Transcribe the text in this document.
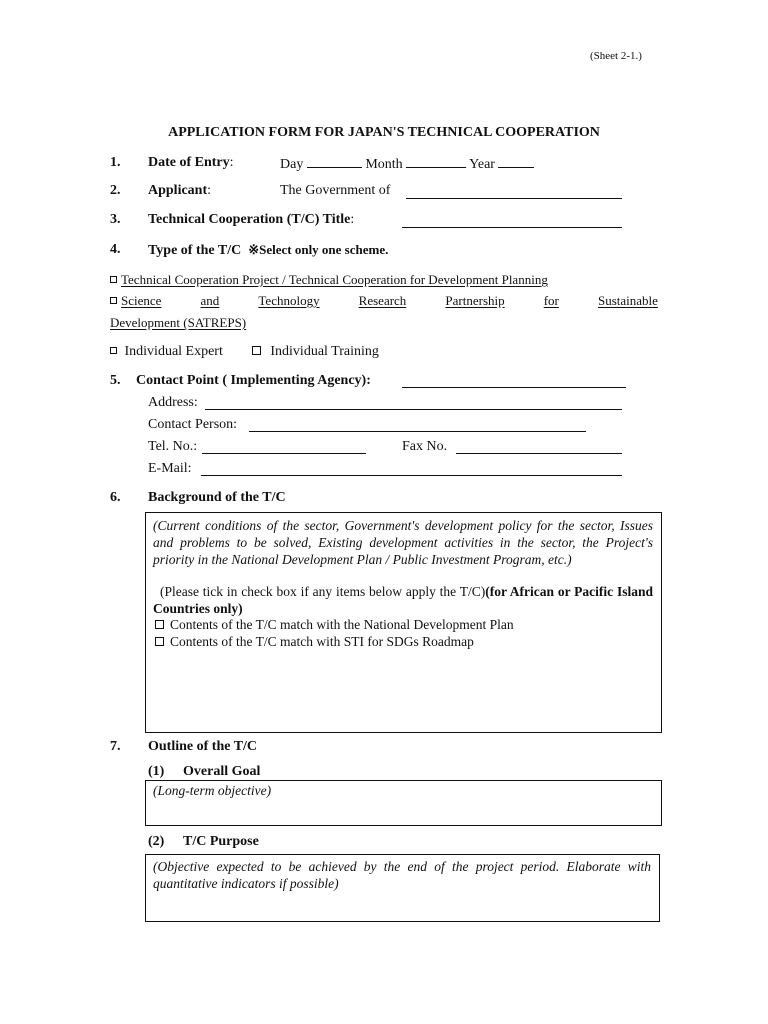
(Sheet 2-1.)
APPLICATION FORM FOR JAPAN'S TECHNICAL COOPERATION
1. Date of Entry:	Day	Month	Year
2. Applicant:	The Government of
3. Technical Cooperation (T/C) Title:
4. Type of the T/C ※Select only one scheme.
Technical Cooperation Project / Technical Cooperation for Development Planning
Science	and	Technology	Research	Partnership	for	Sustainable
Development (SATREPS)
Individual Expert	Individual Training
5. Contact Point ( Implementing Agency):
Address:
Contact Person:
Tel. No.:	Fax No.
E-Mail:
6. Background of the T/C
(Current conditions of the sector, Government's development policy for the sector, Issues and problems to be solved, Existing development activities in the sector, the Project's priority in the National Development Plan / Public Investment Program, etc.)
(Please tick in check box if any items below apply the T/C)(for African or Pacific Island Countries only)
Contents of the T/C match with the National Development Plan
Contents of the T/C match with STI for SDGs Roadmap
7. Outline of the T/C
(1) Overall Goal
(Long-term objective)
(2) T/C Purpose
(Objective expected to be achieved by the end of the project period. Elaborate with quantitative indicators if possible)
